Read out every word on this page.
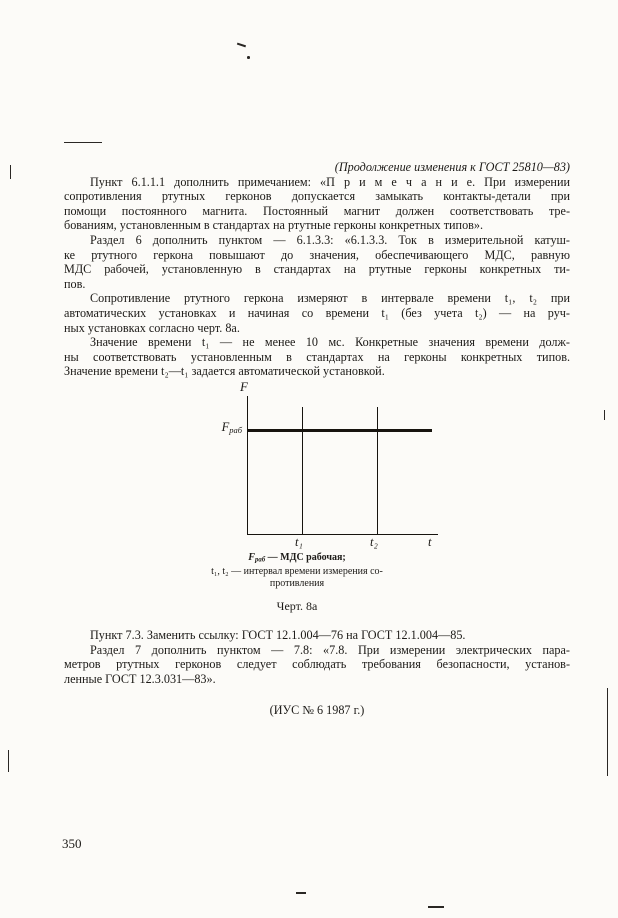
(Продолжение изменения к ГОСТ 25810—83)
Пункт 6.1.1.1 дополнить примечанием: «П р и м е ч а н и е. При измерении
сопротивления ртутных герконов допускается замыкать контакты-детали при
помощи постоянного магнита. Постоянный магнит должен соответствовать тре-
бованиям, установленным в стандартах на ртутные герконы конкретных типов».
Раздел 6 дополнить пунктом — 6.1.3.3: «6.1.3.3. Ток в измерительной катуш-
ке ртутного геркона повышают до значения, обеспечивающего МДС, равную
МДС рабочей, установленную в стандартах на ртутные герконы конкретных ти-
пов.
Сопротивление ртутного геркона измеряют в интервале времени t₁, t₂ при
автоматических установках и начиная со времени t₁ (без учета t₂) — на руч-
ных установках согласно черт. 8а.
Значение времени t₁ — не менее 10 мс. Конкретные значения времени долж-
ны соответствовать установленным в стандартах на герконы конкретных типов.
Значение времени t₂—t₁ задается автоматической установкой.
F
$F_{раб}$
t₁	t₂	t
$F_{раб}$ — МДС рабочая;
t₁, t₂ — интервал времени измерения со-
противления
Черт. 8а
Пункт 7.3. Заменить ссылку: ГОСТ 12.1.004—76 на ГОСТ 12.1.004—85.
Раздел 7 дополнить пунктом — 7.8: «7.8. При измерении электрических пара-
метров ртутных герконов следует соблюдать требования безопасности, установ-
ленные ГОСТ 12.3.031—83».
(ИУС № 6 1987 г.)
350
